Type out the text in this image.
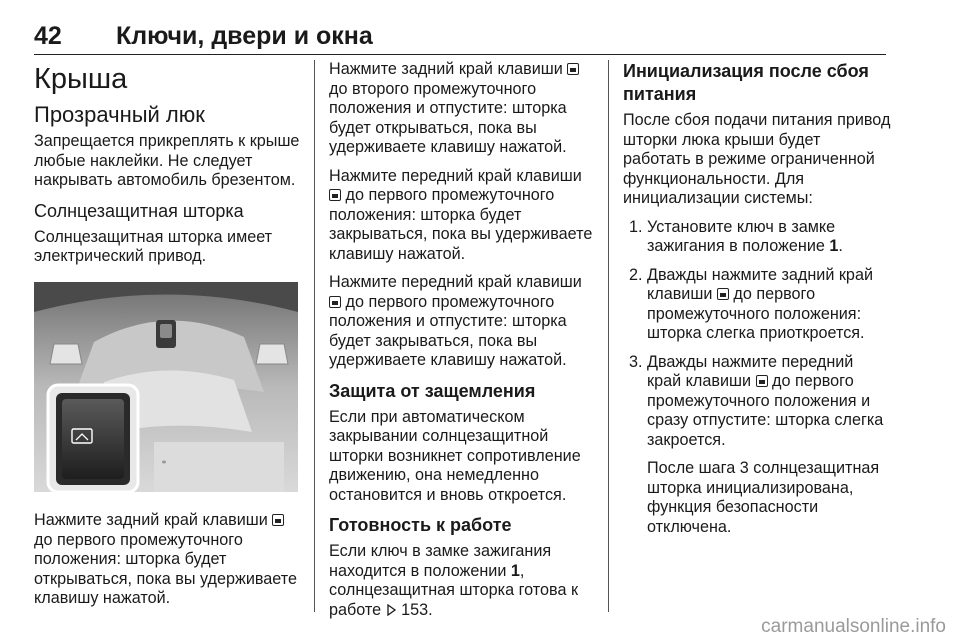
42 Ключи, двери и окна
Крыша
Прозрачный люк

Запрещается прикреплять к крыше любые наклейки. Не следует накрывать автомобиль брезентом.

Солнцезащитная шторка

Солнцезащитная шторка имеет электрический привод.

Нажмите задний край клавиши  до первого промежуточного положения: шторка будет открываться, пока вы удерживаете клавишу нажатой.

Нажмите задний край клавиши  до второго промежуточного положения и отпустите: шторка будет открываться, пока вы удерживаете клавишу нажатой.

Нажмите передний край клавиши  до первого промежуточного положения: шторка будет закрываться, пока вы удерживаете клавишу нажатой.

Нажмите передний край клавиши  до первого промежуточного положения и отпустите: шторка будет закрываться, пока вы удерживаете клавишу нажатой.

Защита от защемления

Если при автоматическом закрывании солнцезащитной шторки возникнет сопротивление движению, она немедленно остановится и вновь откроется.

Готовность к работе

Если ключ в замке зажигания находится в положении 1, солнцезащитная шторка готова к работе  153.

Инициализация после сбоя питания

После сбоя подачи питания привод шторки люка крыши будет работать в режиме ограниченной функциональности. Для инициализации системы:

1. Установите ключ в замке зажигания в положение 1.
2. Дважды нажмите задний край клавиши  до первого промежуточного положения: шторка слегка приоткроется.
3. Дважды нажмите передний край клавиши  до первого промежуточного положения и сразу отпустите: шторка слегка закроется.

После шага 3 солнцезащитная шторка инициализирована, функция безопасности отключена.

carmanualsonline.info
